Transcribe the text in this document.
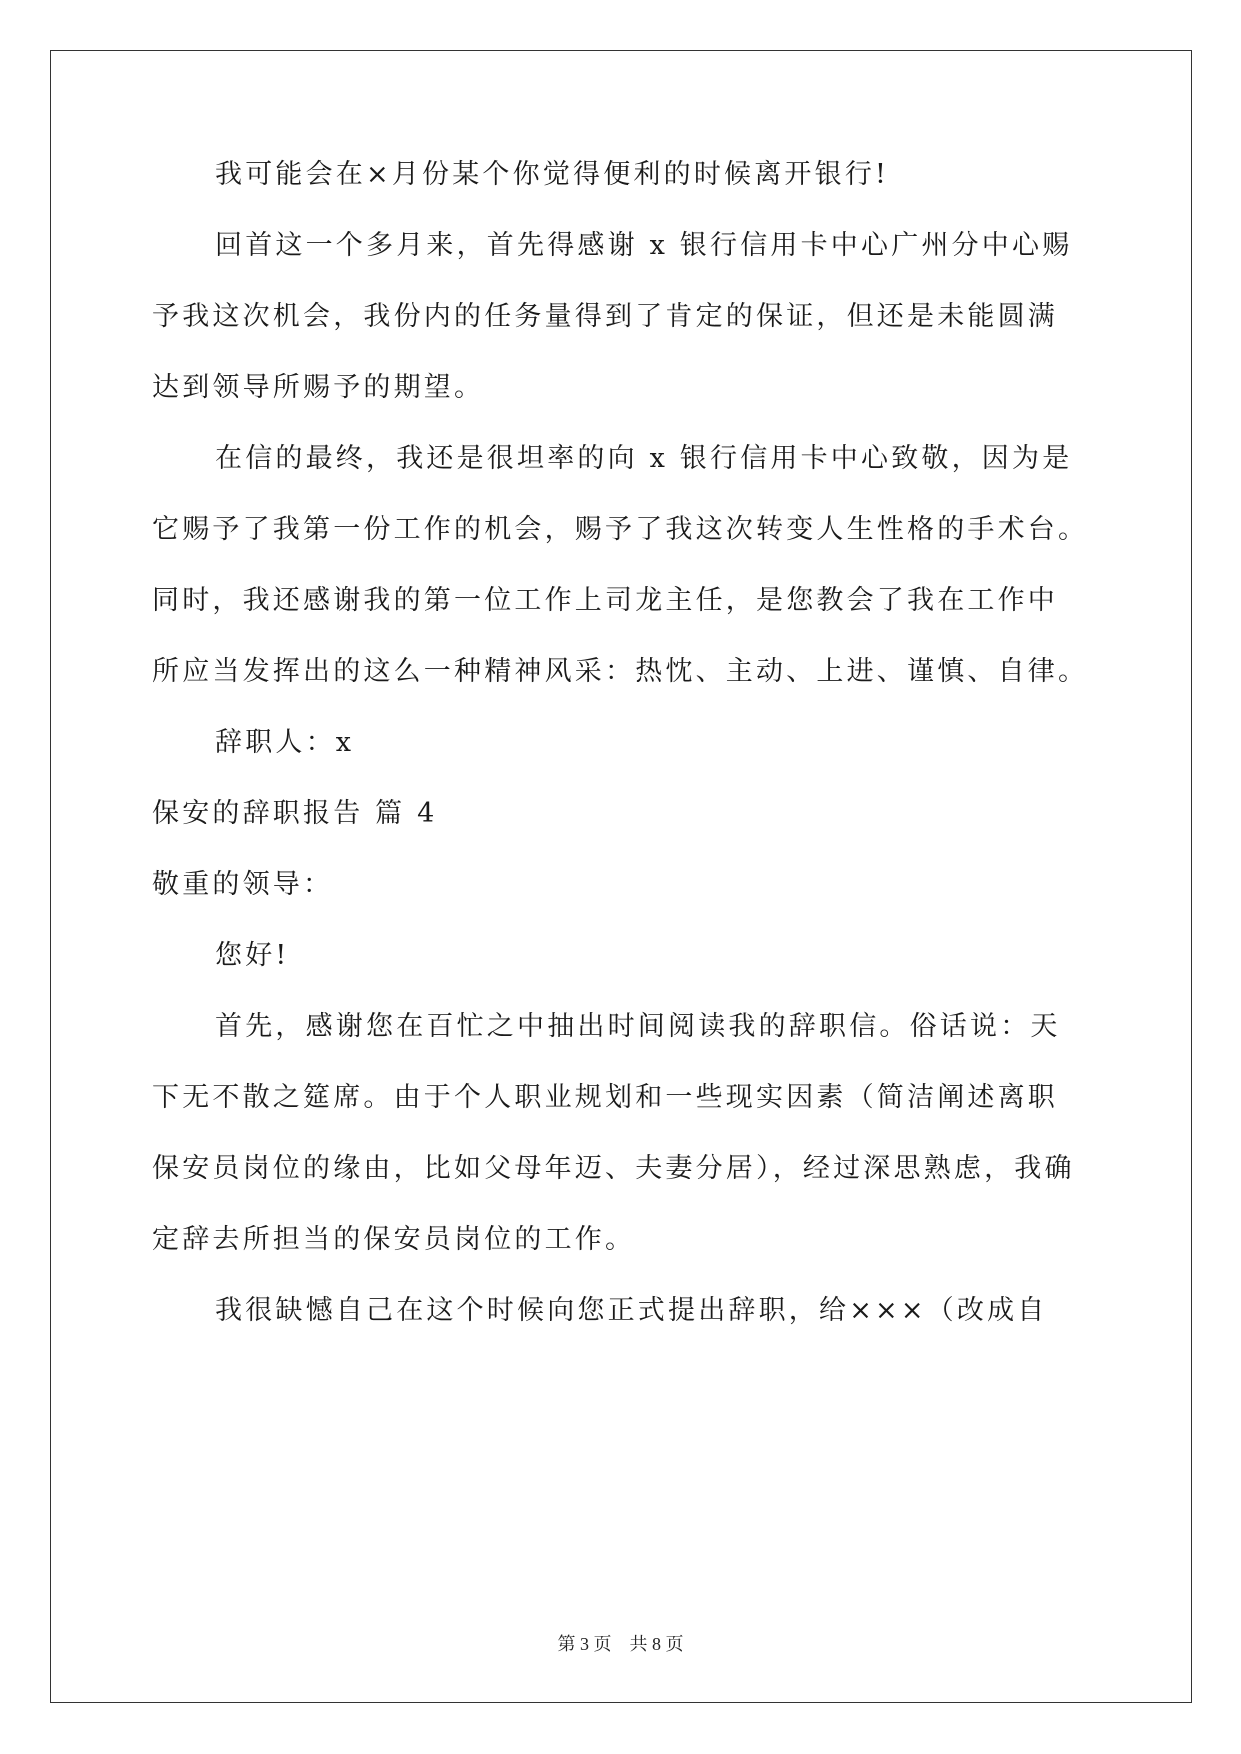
我可能会在×月份某个你觉得便利的时候离开银行!
回首这一个多月来，首先得感谢 x 银行信用卡中心广州分中心赐
予我这次机会，我份内的任务量得到了肯定的保证，但还是未能圆满
达到领导所赐予的期望。
在信的最终，我还是很坦率的向 x 银行信用卡中心致敬，因为是
它赐予了我第一份工作的机会，赐予了我这次转变人生性格的手术台。
同时，我还感谢我的第一位工作上司龙主任，是您教会了我在工作中
所应当发挥出的这么一种精神风采：热忱、主动、上进、谨慎、自律。
辞职人：x
保安的辞职报告 篇 4
敬重的领导：
您好!
首先，感谢您在百忙之中抽出时间阅读我的辞职信。俗话说：天
下无不散之筵席。由于个人职业规划和一些现实因素（简洁阐述离职
保安员岗位的缘由，比如父母年迈、夫妻分居），经过深思熟虑，我确
定辞去所担当的保安员岗位的工作。
我很缺憾自己在这个时候向您正式提出辞职，给×××（改成自
第 3 页 共 8 页
